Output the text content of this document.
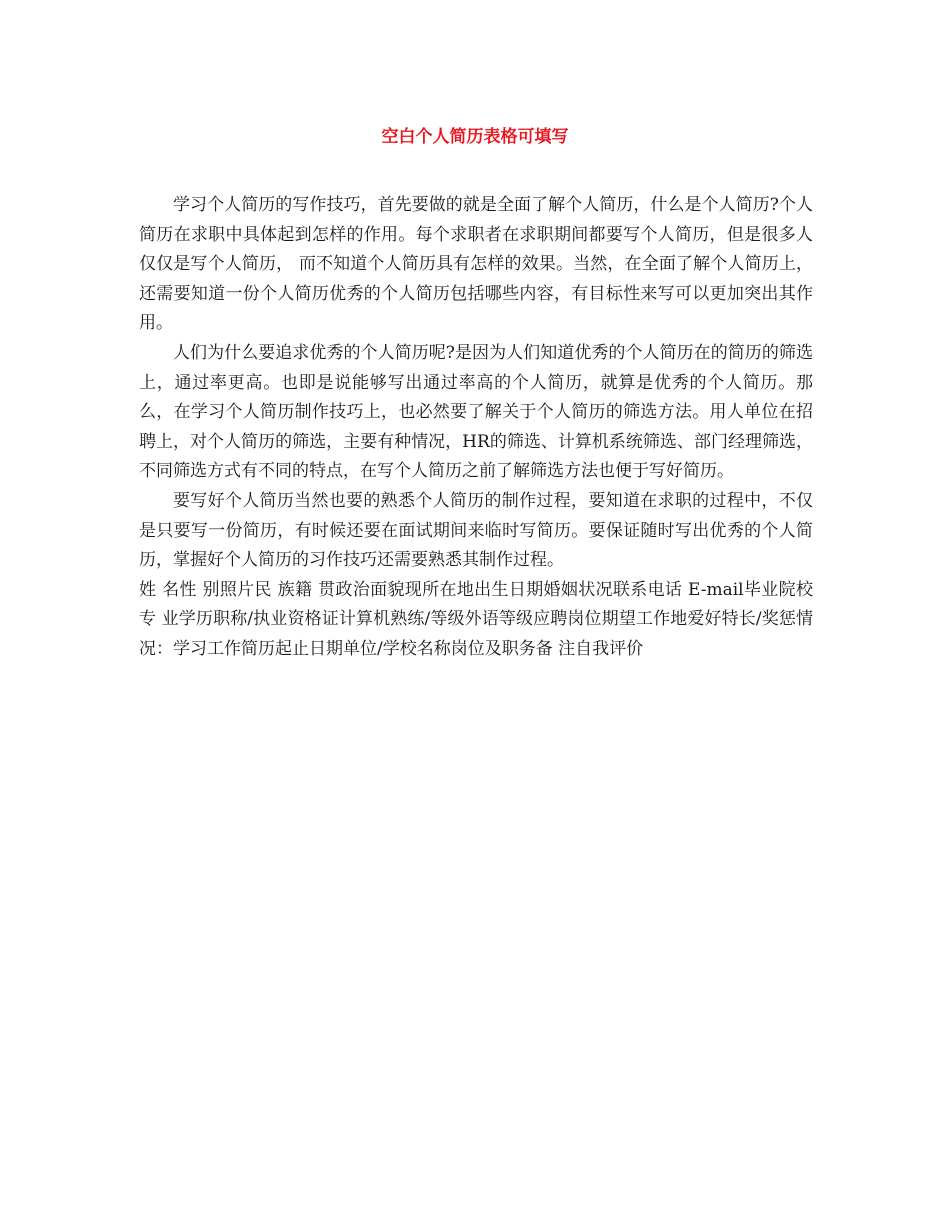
空白个人简历表格可填写

学习个人简历的写作技巧，首先要做的就是全面了解个人简历，什么是个人简历?个人简历在求职中具体起到怎样的作用。每个求职者在求职期间都要写个人简历，但是很多人仅仅是写个人简历， 而不知道个人简历具有怎样的效果。当然，在全面了解个人简历上，还需要知道一份个人简历优秀的个人简历包括哪些内容，有目标性来写可以更加突出其作用。

人们为什么要追求优秀的个人简历呢?是因为人们知道优秀的个人简历在的简历的筛选上，通过率更高。也即是说能够写出通过率高的个人简历，就算是优秀的个人简历。那么，在学习个人简历制作技巧上，也必然要了解关于个人简历的筛选方法。用人单位在招聘上，对个人简历的筛选，主要有种情况，HR的筛选、计算机系统筛选、部门经理筛选，不同筛选方式有不同的特点，在写个人简历之前了解筛选方法也便于写好简历。

要写好个人简历当然也要的熟悉个人简历的制作过程，要知道在求职的过程中，不仅是只要写一份简历，有时候还要在面试期间来临时写简历。要保证随时写出优秀的个人简历，掌握好个人简历的习作技巧还需要熟悉其制作过程。

姓 名性 别照片民 族籍 贯政治面貌现所在地出生日期婚姻状况联系电话 E-mail毕业院校专 业学历职称/执业资格证计算机熟练/等级外语等级应聘岗位期望工作地爱好特长/奖惩情况：学习工作简历起止日期单位/学校名称岗位及职务备 注自我评价
